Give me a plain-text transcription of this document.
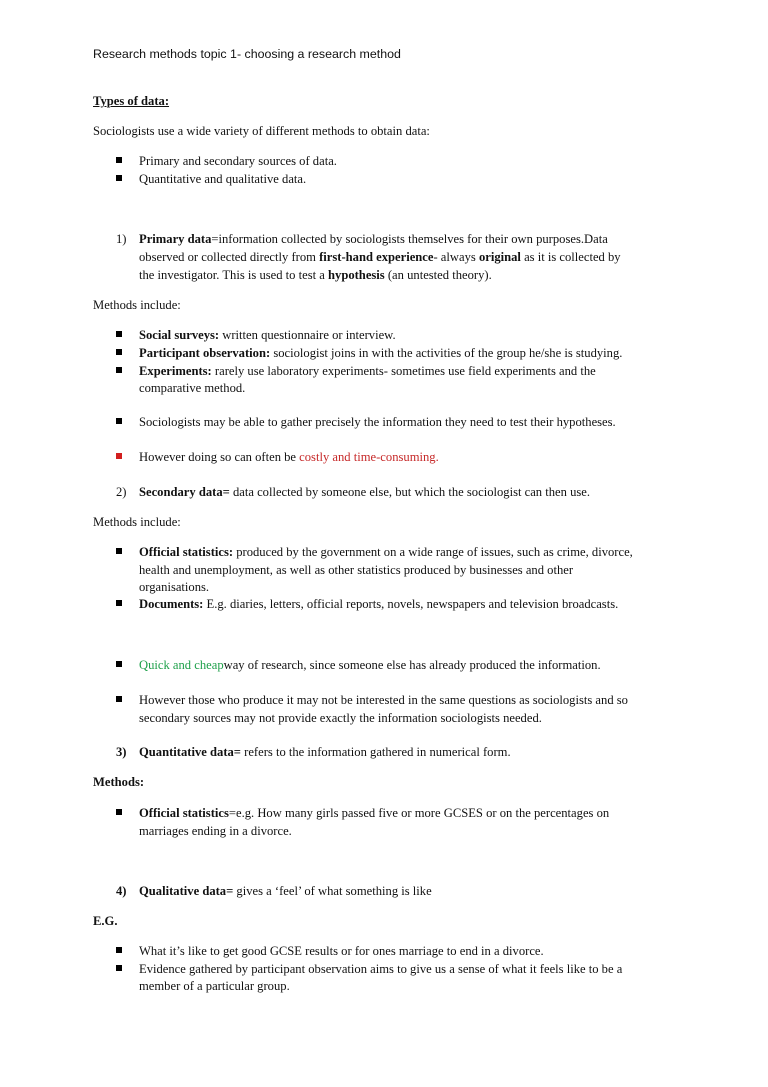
Research methods topic 1- choosing a research method
Types of data:
Sociologists use a wide variety of different methods to obtain data:
Primary and secondary sources of data.
Quantitative and qualitative data.
1) Primary data=information collected by sociologists themselves for their own purposes.Data
observed or collected directly from first-hand experience- always original as it is collected by
the investigator. This is used to test a hypothesis (an untested theory).
Methods include:
Social surveys: written questionnaire or interview.
Participant observation: sociologist joins in with the activities of the group he/she is studying.
Experiments: rarely use laboratory experiments- sometimes use field experiments and the
comparative method.
Sociologists may be able to gather precisely the information they need to test their hypotheses.
However doing so can often be costly and time-consuming.
2) Secondary data= data collected by someone else, but which the sociologist can then use.
Methods include:
Official statistics: produced by the government on a wide range of issues, such as crime, divorce,
health and unemployment, as well as other statistics produced by businesses and other
organisations.
Documents: E.g. diaries, letters, official reports, novels, newspapers and television broadcasts.
Quick and cheapway of research, since someone else has already produced the information.
However those who produce it may not be interested in the same questions as sociologists and so
secondary sources may not provide exactly the information sociologists needed.
3) Quantitative data= refers to the information gathered in numerical form.
Methods:
Official statistics=e.g. How many girls passed five or more GCSES or on the percentages on
marriages ending in a divorce.
4) Qualitative data= gives a ‘feel’ of what something is like
E.G.
What it’s like to get good GCSE results or for ones marriage to end in a divorce.
Evidence gathered by participant observation aims to give us a sense of what it feels like to be a
member of a particular group.
